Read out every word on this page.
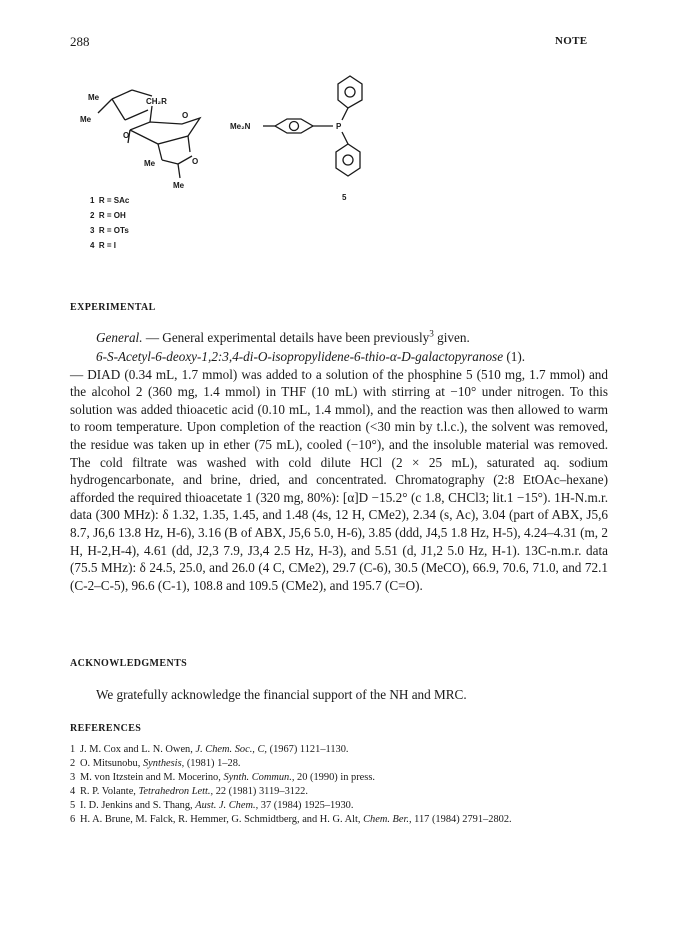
288	NOTE
Me
Me
CH₂R
O
O
Me	O
Me
Me₂N	P
5
1 R = SAc
2 R = OH
3 R = OTs
4 R = I
EXPERIMENTAL
General. — General experimental details have been previously$^3$ given.

6-S-Acetyl-6-deoxy-1,2:3,4-di-O-isopropylidene-6-thio-α-D-galactopyranose (1).

— DIAD (0.34 mL, 1.7 mmol) was added to a solution of the phosphine 5 (510 mg, 1.7 mmol) and the alcohol 2 (360 mg, 1.4 mmol) in THF (10 mL) with stirring at −10° under nitrogen. To this solution was added thioacetic acid (0.10 mL, 1.4 mmol), and the reaction was then allowed to warm to room temperature. Upon completion of the reaction (<30 min by t.l.c.), the solvent was removed, the residue was taken up in ether (75 mL), cooled (−10°), and the insoluble material was removed. The cold filtrate was washed with cold dilute HCl (2 × 25 mL), saturated aq. sodium hydrogencarbonate, and brine, dried, and concentrated. Chromatography (2:8 EtOAc–hexane) afforded the required thioacetate 1 (320 mg, 80%): [α]D −15.2° (c 1.8, CHCl3; lit.1 −15°). 1H-N.m.r. data (300 MHz): δ 1.32, 1.35, 1.45, and 1.48 (4s, 12 H, CMe2), 2.34 (s, Ac), 3.04 (part of ABX, J5,6 8.7, J6,6 13.8 Hz, H-6), 3.16 (B of ABX, J5,6 5.0, H-6), 3.85 (ddd, J4,5 1.8 Hz, H-5), 4.24–4.31 (m, 2 H, H-2,H-4), 4.61 (dd, J2,3 7.9, J3,4 2.5 Hz, H-3), and 5.51 (d, J1,2 5.0 Hz, H-1). 13C-n.m.r. data (75.5 MHz): δ 24.5, 25.0, and 26.0 (4 C, CMe2), 29.7 (C-6), 30.5 (MeCO), 66.9, 70.6, 71.0, and 72.1 (C-2–C-5), 96.6 (C-1), 108.8 and 109.5 (CMe2), and 195.7 (C=O).

ACKNOWLEDGMENTS
We gratefully acknowledge the financial support of the NH and MRC.
REFERENCES
1 J. M. Cox and L. N. Owen, J. Chem. Soc., C, (1967) 1121–1130.
2 O. Mitsunobu, Synthesis, (1981) 1–28.
3 M. von Itzstein and M. Mocerino, Synth. Commun., 20 (1990) in press.
4 R. P. Volante, Tetrahedron Lett., 22 (1981) 3119–3122.
5 I. D. Jenkins and S. Thang, Aust. J. Chem., 37 (1984) 1925–1930.
6 H. A. Brune, M. Falck, R. Hemmer, G. Schmidtberg, and H. G. Alt, Chem. Ber., 117 (1984) 2791–2802.
